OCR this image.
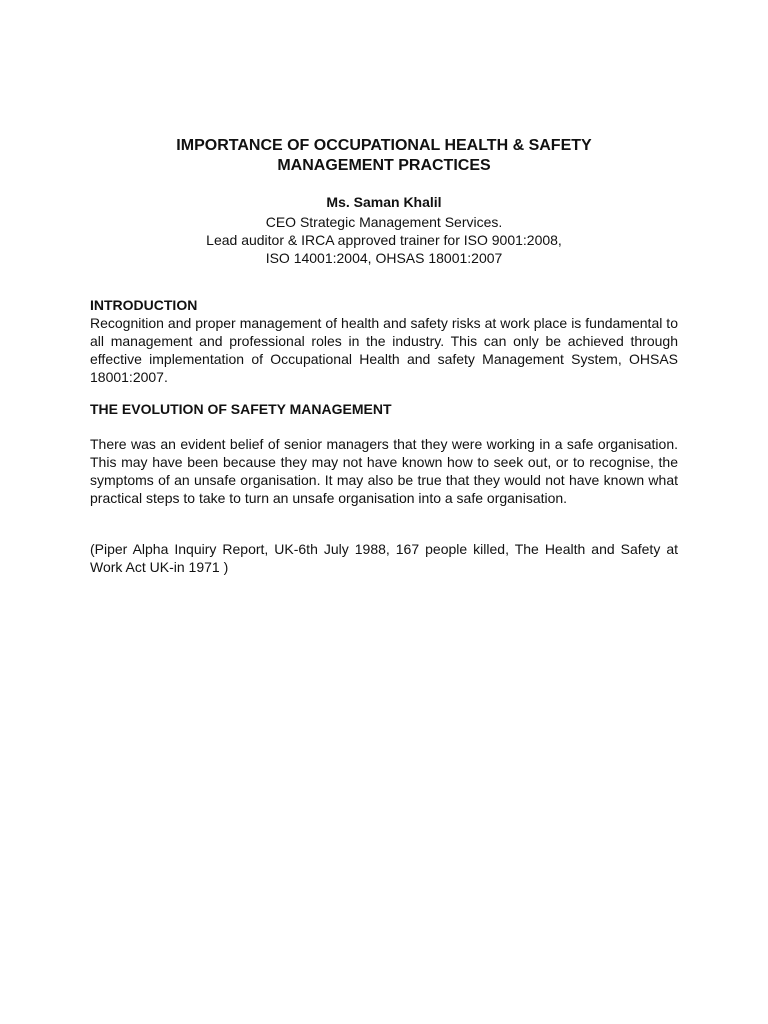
IMPORTANCE OF OCCUPATIONAL HEALTH & SAFETY
MANAGEMENT PRACTICES
Ms. Saman Khalil
CEO Strategic Management Services.
Lead auditor & IRCA approved trainer for ISO 9001:2008,
ISO 14001:2004, OHSAS 18001:2007
INTRODUCTION

Recognition and proper management of health and safety risks at work place is fundamental to all management and professional roles in the industry. This can only be achieved through effective implementation of Occupational Health and safety Management System, OHSAS 18001:2007.

THE EVOLUTION OF SAFETY MANAGEMENT

There was an evident belief of senior managers that they were working in a safe organisation. This may have been because they may not have known how to seek out, or to recognise, the symptoms of an unsafe organisation. It may also be true that they would not have known what practical steps to take to turn an unsafe organisation into a safe organisation.

(Piper Alpha Inquiry Report, UK-6th July 1988, 167 people killed, The Health and Safety at Work Act UK-in 1971 )
